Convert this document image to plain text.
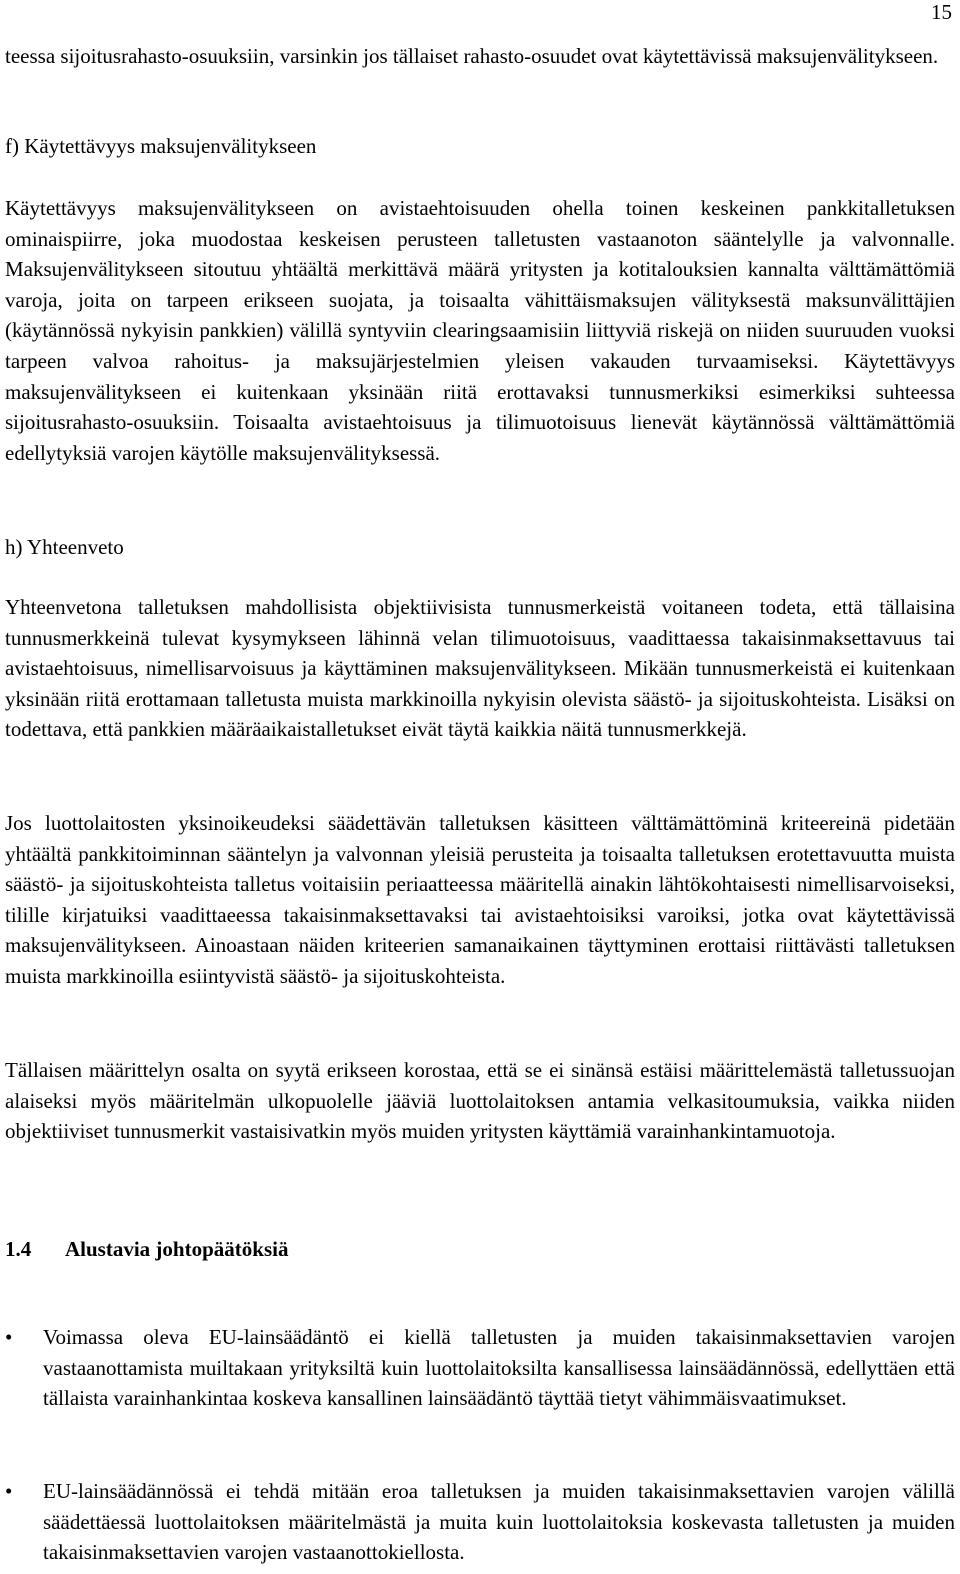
15
teessa sijoitusrahasto-osuuksiin, varsinkin jos tällaiset rahasto-osuudet ovat käytettävissä maksujenvälitykseen.
f) Käytettävyys maksujenvälitykseen
Käytettävyys maksujenvälitykseen on avistaehtoisuuden ohella toinen keskeinen pankkitalletuksen ominaispiirre, joka muodostaa keskeisen perusteen talletusten vastaanoton sääntelylle ja valvonnalle. Maksujenvälitykseen sitoutuu yhtäältä merkittävä määrä yritysten ja kotitalouksien kannalta välttämättömiä varoja, joita on tarpeen erikseen suojata, ja toisaalta vähittäismaksujen välityksestä maksunvälittäjien (käytännössä nykyisin pankkien) välillä syntyviin clearingsaamisiin liittyviä riskejä on niiden suuruuden vuoksi tarpeen valvoa rahoitus- ja maksujärjestelmien yleisen vakauden turvaamiseksi. Käytettävyys maksujenvälitykseen ei kuitenkaan yksinään riitä erottavaksi tunnusmerkiksi esimerkiksi suhteessa sijoitusrahasto-osuuksiin. Toisaalta avistaehtoisuus ja tilimuotoisuus lienevät käytännössä välttämättömiä edellytyksiä varojen käytölle maksujenvälityksessä.
h) Yhteenveto
Yhteenvetona talletuksen mahdollisista objektiivisista tunnusmerkeistä voitaneen todeta, että tällaisina tunnusmerkkeinä tulevat kysymykseen lähinnä velan tilimuotoisuus, vaadittaessa takaisinmaksettavuus tai avistaehtoisuus, nimellisarvoisuus ja käyttäminen maksujenvälitykseen. Mikään tunnusmerkeistä ei kuitenkaan yksinään riitä erottamaan talletusta muista markkinoilla nykyisin olevista säästö- ja sijoituskohteista. Lisäksi on todettava, että pankkien määräaikaistalletukset eivät täytä kaikkia näitä tunnusmerkkejä.
Jos luottolaitosten yksinoikeudeksi säädettävän talletuksen käsitteen välttämättöminä kriteereinä pidetään yhtäältä pankkitoiminnan sääntelyn ja valvonnan yleisiä perusteita ja toisaalta talletuksen erotettavuutta muista säästö- ja sijoituskohteista talletus voitaisiin periaatteessa määritellä ainakin lähtökohtaisesti nimellisarvoiseksi, tilille kirjatuiksi vaadittaeessa takaisinmaksettavaksi tai avistaehtoisiksi varoiksi, jotka ovat käytettävissä maksujenvälitykseen. Ainoastaan näiden kriteerien samanaikainen täyttyminen erottaisi riittävästi talletuksen muista markkinoilla esiintyvistä säästö- ja sijoituskohteista.
Tällaisen määrittelyn osalta on syytä erikseen korostaa, että se ei sinänsä estäisi määrittelemästä talletussuojan alaiseksi myös määritelmän ulkopuolelle jääviä luottolaitoksen antamia velkasitoumuksia, vaikka niiden objektiiviset tunnusmerkit vastaisivatkin myös muiden yritysten käyttämiä varainhankintamuotoja.
1.4 Alustavia johtopäätöksiä
• Voimassa oleva EU-lainsäädäntö ei kiellä talletusten ja muiden takaisinmaksettavien varojen vastaanottamista muiltakaan yrityksiltä kuin luottolaitoksilta kansallisessa lainsäädännössä, edellyttäen että tällaista varainhankintaa koskeva kansallinen lainsäädäntö täyttää tietyt vähimmäisvaatimukset.
• EU-lainsäädännössä ei tehdä mitään eroa talletuksen ja muiden takaisinmaksettavien varojen välillä säädettäessä luottolaitoksen määritelmästä ja muita kuin luottolaitoksia koskevasta talletusten ja muiden takaisinmaksettavien varojen vastaanottokiellosta.
